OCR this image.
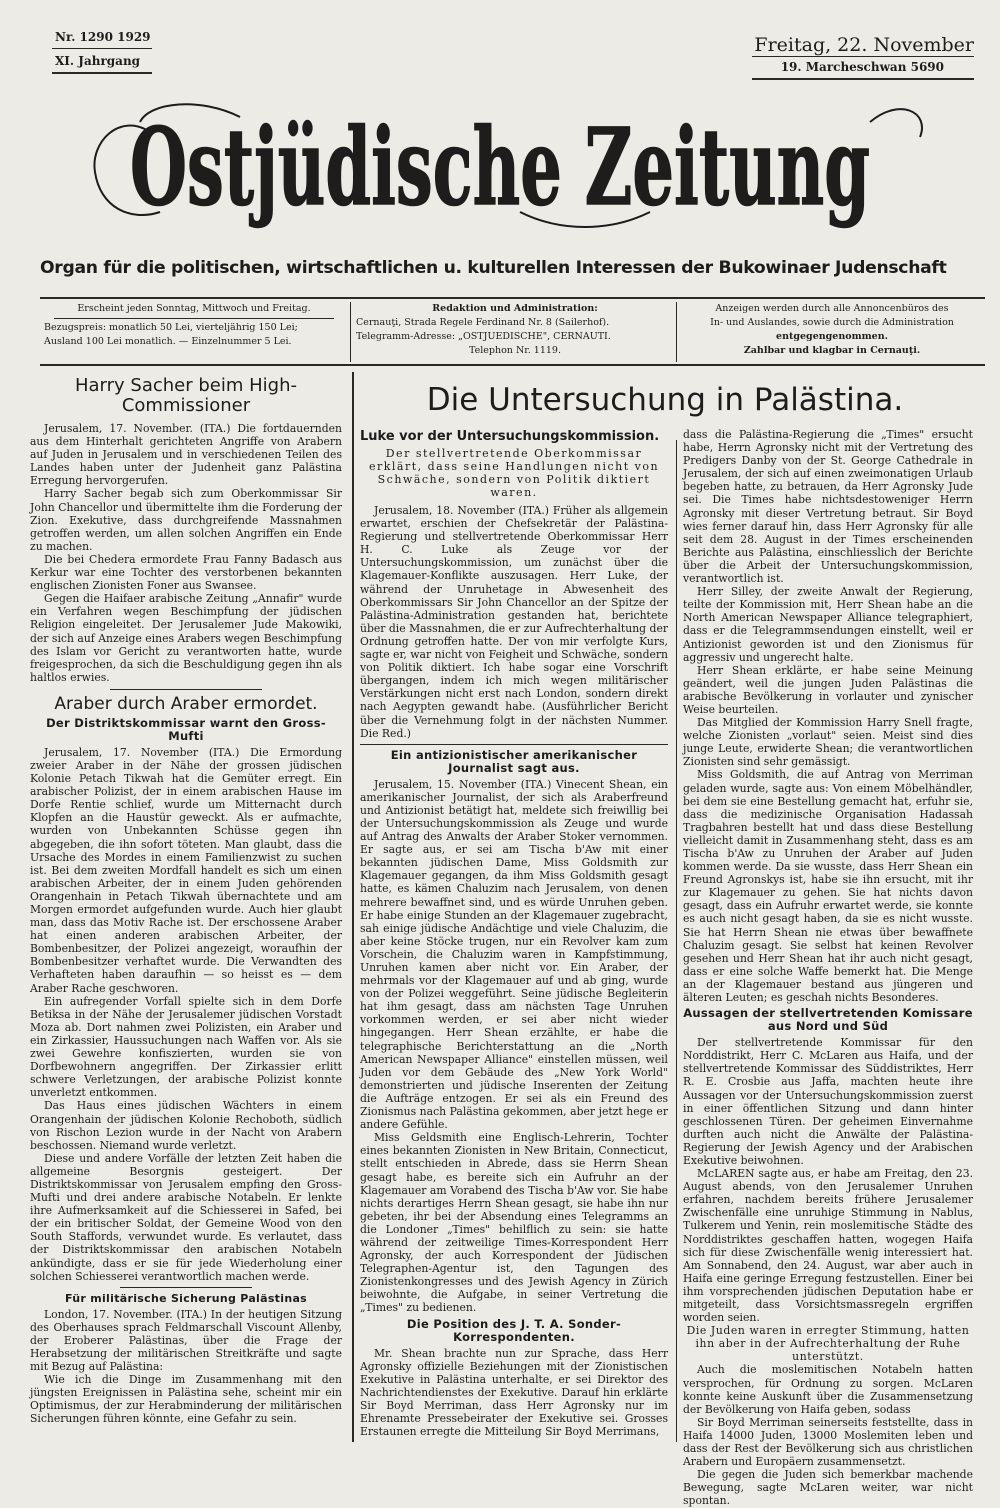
Nr. 1290 1929
XI. Jahrgang
Freitag, 22. November
19. Marcheschwan 5690
Ostjüdische Zeitung
Organ für die politischen, wirtschaftlichen u. kulturellen Interessen der Bukowinaer Judenschaft
Erscheint jeden Sonntag, Mittwoch und Freitag.
Bezugspreis: monatlich 50 Lei, vierteljährig 150 Lei;
Ausland 100 Lei monatlich. — Einzelnummer 5 Lei.
Redaktion und Administration:
Cernauţi, Strada Regele Ferdinand Nr. 8 (Sailerhof).
Telegramm-Adresse: „OSTJUEDISCHE", CERNAUTI.
Telephon Nr. 1119.
Anzeigen werden durch alle Annoncenbüros des
In- und Auslandes, sowie durch die Administration
entgegengenommen.
Zahlbar und klagbar in Cernauţi.
Harry Sacher beim High-Commissioner

Jerusalem, 17. November. (ITA.) Die fortdauernden aus dem Hinterhalt gerichteten Angriffe von Arabern auf Juden in Jerusalem und in verschiedenen Teilen des Landes haben unter der Judenheit ganz Palästina Erregung hervorgerufen.

Harry Sacher begab sich zum Oberkommissar Sir John Chancellor und übermittelte ihm die Forderung der Zion. Exekutive, dass durchgreifende Massnahmen getroffen werden, um allen solchen Angriffen ein Ende zu machen.

Die bei Chedera ermordete Frau Fanny Badasch aus Kerkur war eine Tochter des verstorbenen bekannten englischen Zionisten Foner aus Swansee.

Gegen die Haifaer arabische Zeitung „Annafir" wurde ein Verfahren wegen Beschimpfung der jüdischen Religion eingeleitet. Der Jerusalemer Jude Makowiki, der sich auf Anzeige eines Arabers wegen Beschimpfung des Islam vor Gericht zu verantworten hatte, wurde freigesprochen, da sich die Beschuldigung gegen ihn als haltlos erwies.

Araber durch Araber ermordet.
Der Distriktskommissar warnt den Gross-Mufti

Jerusalem, 17. November (ITA.) Die Ermordung zweier Araber in der Nähe der grossen jüdischen Kolonie Petach Tikwah hat die Gemüter erregt. Ein arabischer Polizist, der in einem arabischen Hause im Dorfe Rentie schlief, wurde um Mitternacht durch Klopfen an die Haustür geweckt. Als er aufmachte, wurden von Unbekannten Schüsse gegen ihn abgegeben, die ihn sofort töteten. Man glaubt, dass die Ursache des Mordes in einem Familienzwist zu suchen ist. Bei dem zweiten Mordfall handelt es sich um einen arabischen Arbeiter, der in einem Juden gehörenden Orangenhain in Petach Tikwah übernachtete und am Morgen ermordet aufgefunden wurde. Auch hier glaubt man, dass das Motiv Rache ist. Der erschossene Araber hat einen anderen arabischen Arbeiter, der Bombenbesitzer, der Polizei angezeigt, woraufhin der Bombenbesitzer verhaftet wurde. Die Verwandten des Verhafteten haben daraufhin — so heisst es — dem Araber Rache geschworen.

Ein aufregender Vorfall spielte sich in dem Dorfe Betiksa in der Nähe der Jerusalemer jüdischen Vorstadt Moza ab. Dort nahmen zwei Polizisten, ein Araber und ein Zirkassier, Haussuchungen nach Waffen vor. Als sie zwei Gewehre konfiszierten, wurden sie von Dorfbewohnern angegriffen. Der Zirkassier erlitt schwere Verletzungen, der arabische Polizist konnte unverletzt entkommen.

Das Haus eines jüdischen Wächters in einem Orangenhain der jüdischen Kolonie Rechoboth, südlich von Rischon Lezion wurde in der Nacht von Arabern beschossen. Niemand wurde verletzt.

Diese und andere Vorfälle der letzten Zeit haben die allgemeine Besorgnis gesteigert. Der Distriktskommissar von Jerusalem empfing den Gross-Mufti und drei andere arabische Notabeln. Er lenkte ihre Aufmerksamkeit auf die Schiesserei in Safed, bei der ein britischer Soldat, der Gemeine Wood von den South Staffords, verwundet wurde. Es verlautet, dass der Distriktskommissar den arabischen Notabeln ankündigte, dass er sie für jede Wiederholung einer solchen Schiesserei verantwortlich machen werde.

Für militärische Sicherung Palästinas

London, 17. November. (ITA.) In der heutigen Sitzung des Oberhauses sprach Feldmarschall Viscount Allenby, der Eroberer Palästinas, über die Frage der Herabsetzung der militärischen Streitkräfte und sagte mit Bezug auf Palästina:

Wie ich die Dinge im Zusammenhang mit den jüngsten Ereignissen in Palästina sehe, scheint mir ein Optimismus, der zur Herabminderung der militärischen Sicherungen führen könnte, eine Gefahr zu sein.

Die Untersuchung in Palästina.
Luke vor der Untersuchungskommission.
Der stellvertretende Oberkommissar erklärt, dass seine Handlungen nicht von Schwäche, sondern von Politik diktiert waren.

Jerusalem, 18. November (ITA.) Früher als allgemein erwartet, erschien der Chefsekretär der Palästina-Regierung und stellvertretende Oberkommissar Herr H. C. Luke als Zeuge vor der Untersuchungskommission, um zunächst über die Klagemauer-Konflikte auszusagen. Herr Luke, der während der Unruhetage in Abwesenheit des Oberkommissars Sir John Chancellor an der Spitze der Palästina-Administration gestanden hat, berichtete über die Massnahmen, die er zur Aufrechterhaltung der Ordnung getroffen hatte. Der von mir verfolgte Kurs, sagte er, war nicht von Feigheit und Schwäche, sondern von Politik diktiert. Ich habe sogar eine Vorschrift übergangen, indem ich mich wegen militärischer Verstärkungen nicht erst nach London, sondern direkt nach Aegypten gewandt habe. (Ausführlicher Bericht über die Vernehmung folgt in der nächsten Nummer. Die Red.)

Ein antizionistischer amerikanischer Journalist sagt aus.

Jerusalem, 15. November (ITA.) Vinecent Shean, ein amerikanischer Journalist, der sich als Araberfreund und Antizionist betätigt hat, meldete sich freiwillig bei der Untersuchungskommission als Zeuge und wurde auf Antrag des Anwalts der Araber Stoker vernommen. Er sagte aus, er sei am Tischa b'Aw mit einer bekannten jüdischen Dame, Miss Goldsmith zur Klagemauer gegangen, da ihm Miss Goldsmith gesagt hatte, es kämen Chaluzim nach Jerusalem, von denen mehrere bewaffnet sind, und es würde Unruhen geben. Er habe einige Stunden an der Klagemauer zugebracht, sah einige jüdische Andächtige und viele Chaluzim, die aber keine Stöcke trugen, nur ein Revolver kam zum Vorschein, die Chaluzim waren in Kampfstimmung, Unruhen kamen aber nicht vor. Ein Araber, der mehrmals vor der Klagemauer auf und ab ging, wurde von der Polizei weggeführt. Seine jüdische Begleiterin hat ihm gesagt, dass am nächsten Tage Unruhen vorkommen werden, er sei aber nicht wieder hingegangen. Herr Shean erzählte, er habe die telegraphische Berichterstattung an die „North American Newspaper Alliance" einstellen müssen, weil Juden vor dem Gebäude des „New York World" demonstrierten und jüdische Inserenten der Zeitung die Aufträge entzogen. Er sei als ein Freund des Zionismus nach Palästina gekommen, aber jetzt hege er andere Gefühle.

Miss Geldsmith eine Englisch-Lehrerin, Tochter eines bekannten Zionisten in New Britain, Connecticut, stellt entschieden in Abrede, dass sie Herrn Shean gesagt habe, es bereite sich ein Aufruhr an der Klagemauer am Vorabend des Tischa b'Aw vor. Sie habe nichts derartiges Herrn Shean gesagt, sie habe ihn nur gebeten, ihr bei der Absendung eines Telegramms an die Londoner „Times" behilflich zu sein: sie hatte während der zeitweilige Times-Korrespondent Herr Agronsky, der auch Korrespondent der Jüdischen Telegraphen-Agentur ist, den Tagungen des Zionistenkongresses und des Jewish Agency in Zürich beiwohnte, die Aufgabe, in seiner Vertretung die „Times" zu bedienen.

Die Position des J. T. A. Sonder-Korrespondenten.

Mr. Shean brachte nun zur Sprache, dass Herr Agronsky offizielle Beziehungen mit der Zionistischen Exekutive in Palästina unterhalte, er sei Direktor des Nachrichtendienstes der Exekutive. Darauf hin erklärte Sir Boyd Merriman, dass Herr Agronsky nur im Ehrenamte Pressebeirater der Exekutive sei. Grosses Erstaunen erregte die Mitteilung Sir Boyd Merrimans,

dass die Palästina-Regierung die „Times" ersucht habe, Herrn Agronsky nicht mit der Vertretung des Predigers Danby von der St. George Cathedrale in Jerusalem, der sich auf einen zweimonatigen Urlaub begeben hatte, zu betrauen, da Herr Agronsky Jude sei. Die Times habe nichtsdestoweniger Herrn Agronsky mit dieser Vertretung betraut. Sir Boyd wies ferner darauf hin, dass Herr Agronsky für alle seit dem 28. August in der Times erscheinenden Berichte aus Palästina, einschliesslich der Berichte über die Arbeit der Untersuchungskommission, verantwortlich ist.

Herr Silley, der zweite Anwalt der Regierung, teilte der Kommission mit, Herr Shean habe an die North American Newspaper Alliance telegraphiert, dass er die Telegrammsendungen einstellt, weil er Antizionist geworden ist und den Zionismus für aggressiv und ungerecht halte.

Herr Shean erklärte, er habe seine Meinung geändert, weil die jungen Juden Palästinas die arabische Bevölkerung in vorlauter und zynischer Weise beurteilen.

Das Mitglied der Kommission Harry Snell fragte, welche Zionisten „vorlaut" seien. Meist sind dies junge Leute, erwiderte Shean; die verantwortlichen Zionisten sind sehr gemässigt.

Miss Goldsmith, die auf Antrag von Merriman geladen wurde, sagte aus: Von einem Möbelhändler, bei dem sie eine Bestellung gemacht hat, erfuhr sie, dass die medizinische Organisation Hadassah Tragbahren bestellt hat und dass diese Bestellung vielleicht damit in Zusammenhang steht, dass es am Tischa b'Aw zu Unruhen der Araber auf Juden kommen werde. Da sie wusste, dass Herr Shean ein Freund Agronskys ist, habe sie ihn ersucht, mit ihr zur Klagemauer zu gehen. Sie hat nichts davon gesagt, dass ein Aufruhr erwartet werde, sie konnte es auch nicht gesagt haben, da sie es nicht wusste. Sie hat Herrn Shean nie etwas über bewaffnete Chaluzim gesagt. Sie selbst hat keinen Revolver gesehen und Herr Shean hat ihr auch nicht gesagt, dass er eine solche Waffe bemerkt hat. Die Menge an der Klagemauer bestand aus jüngeren und älteren Leuten; es geschah nichts Besonderes.

Aussagen der stellvertretenden Komissare aus Nord und Süd

Der stellvertretende Kommissar für den Norddistrikt, Herr C. McLaren aus Haifa, und der stellvertretende Kommissar des Süddistriktes, Herr R. E. Crosbie aus Jaffa, machten heute ihre Aussagen vor der Untersuchungskommission zuerst in einer öffentlichen Sitzung und dann hinter geschlossenen Türen. Der geheimen Einvernahme durften auch nicht die Anwälte der Palästina-Regierung der Jewish Agency und der Arabischen Exekutive beiwohnen.

McLAREN sagte aus, er habe am Freitag, den 23. August abends, von den Jerusalemer Unruhen erfahren, nachdem bereits frühere Jerusalemer Zwischenfälle eine unruhige Stimmung in Nablus, Tulkerem und Yenin, rein moslemitische Städte des Norddistriktes geschaffen hatten, wogegen Haifa sich für diese Zwischenfälle wenig interessiert hat. Am Sonnabend, den 24. August, war aber auch in Haifa eine geringe Erregung festzustellen. Einer bei ihm vorsprechenden jüdischen Deputation habe er mitgeteilt, dass Vorsichtsmassregeln ergriffen worden seien.

Die Juden waren in erregter Stimmung, hatten ihn aber in der Aufrechterhaltung der Ruhe unterstützt.

Auch die moslemitischen Notabeln hatten versprochen, für Ordnung zu sorgen. McLaren konnte keine Auskunft über die Zusammensetzung der Bevölkerung von Haifa geben, sodass

Sir Boyd Merriman seinerseits feststellte, dass in Haifa 14000 Juden, 13000 Moslemiten leben und dass der Rest der Bevölkerung sich aus christlichen Arabern und Europäern zusammensetzt.

Die gegen die Juden sich bemerkbar machende Bewegung, sagte McLaren weiter, war nicht spontan.
